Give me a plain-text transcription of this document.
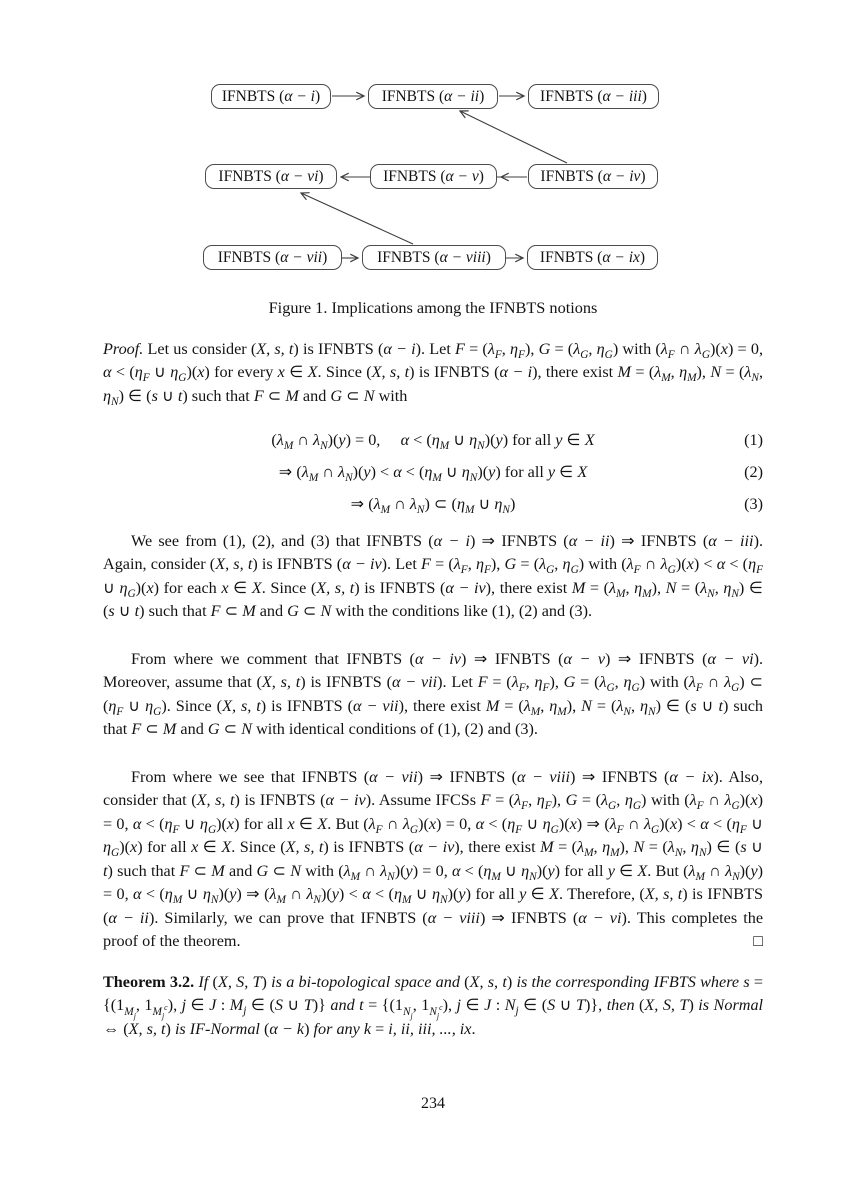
IFNBTS ( α − i )	IFNBTS ( α − ii )	IFNBTS ( α − iii )
IFNBTS ( α − vi )	IFNBTS ( α − v )	IFNBTS ( α − iv )
IFNBTS ( α − vii )	IFNBTS ( α − viii )	IFNBTS ( α − ix )
Figure 1. Implications among the IFNBTS notions
Proof. Let us consider (X, s, t) is IFNBTS (α − i). Let $F = (\lambda_F$, $\eta_F$), $G = (\lambda_G$, $\eta_G$) with ($\lambda_F$ ∩ $\lambda_G)(x) = 0$, $\alpha < (\eta_F$ ∪ $\eta_G)(x)$ for every x ∈ X. Since (X, s, t) is IFNBTS (α − i), there exist $M = (\lambda_M$, $\eta_M$), $N = (\lambda_N$, $\eta_N$) ∈ (s ∪ t) such that F ⊂ M and G ⊂ N with
($\lambda_M$ ∩ $\lambda_N)(y) = 0$,  $\alpha < (\eta_M$ ∪ $\eta_N)(y)$ for all y ∈ X	(1)
⇒ ($\lambda_M$ ∩ $\lambda_N)(y) < \alpha < (\eta_M$ ∪ $\eta_N)(y)$ for all y ∈ X	(2)
⇒ ($\lambda_M$ ∩ $\lambda_N$) ⊂ ($\eta_M$ ∪ $\eta_N$)	(3)
We see from (1), (2), and (3) that IFNBTS (α − i) ⇒ IFNBTS (α − ii) ⇒ IFNBTS (α − iii). Again, consider (X, s, t) is IFNBTS (α − iv). Let $F = (\lambda_F$, $\eta_F$), $G = (\lambda_G$, $\eta_G$) with ($\lambda_F$ ∩ $\lambda_G)(x) < \alpha < (\eta_F$ ∪ $\eta_G)(x)$ for each x ∈ X. Since (X, s, t) is IFNBTS (α − iv), there exist $M = (\lambda_M$, $\eta_M$), $N = (\lambda_N$, $\eta_N$) ∈ (s ∪ t) such that F ⊂ M and G ⊂ N with the conditions like (1), (2) and (3).
From where we comment that IFNBTS (α − iv) ⇒ IFNBTS (α − v) ⇒ IFNBTS (α − vi). Moreover, assume that (X, s, t) is IFNBTS (α − vii). Let $F = (\lambda_F$, $\eta_F$), $G = (\lambda_G$, $\eta_G$) with ($\lambda_F$ ∩ $\lambda_G$) ⊂ ($\eta_F$ ∪ $\eta_G$). Since (X, s, t) is IFNBTS (α − vii), there exist $M = (\lambda_M$, $\eta_M$), $N = (\lambda_N$, $\eta_N$) ∈ (s ∪ t) such that F ⊂ M and G ⊂ N with identical conditions of (1), (2) and (3).
From where we see that IFNBTS (α − vii) ⇒ IFNBTS (α − viii) ⇒ IFNBTS (α − ix). Also, consider that (X, s, t) is IFNBTS (α − iv). Assume IFCSs $F = (\lambda_F$, $\eta_F$), $G = (\lambda_G$, $\eta_G$) with ($\lambda_F$ ∩ $\lambda_G)(x) = 0$, $\alpha < (\eta_F$ ∪ $\eta_G)(x)$ for all x ∈ X. But ($\lambda_F$ ∩ $\lambda_G)(x) = 0$, $\alpha < (\eta_F$ ∪ $\eta_G)(x)$ ⇒ ($\lambda_F$ ∩ $\lambda_G)(x) < \alpha < (\eta_F$ ∪ $\eta_G)(x)$ for all x ∈ X. Since (X, s, t) is IFNBTS (α − iv), there exist $M = (\lambda_M$, $\eta_M$), $N = (\lambda_N$, $\eta_N$) ∈ (s ∪ t) such that F ⊂ M and G ⊂ N with ($\lambda_M$ ∩ $\lambda_N)(y) = 0$, $\alpha < (\eta_M$ ∪ $\eta_N)(y)$ for all y ∈ X. But ($\lambda_M$ ∩ $\lambda_N)(y) = 0$, $\alpha < (\eta_M$ ∪ $\eta_N)(y)$ ⇒ ($\lambda_M$ ∩ $\lambda_N)(y) < \alpha < (\eta_M$ ∪ $\eta_N)(y)$ for all y ∈ X. Therefore, (X, s, t) is IFNBTS (α − ii). Similarly, we can prove that IFNBTS (α − viii) ⇒ IFNBTS (α − vi). This completes the proof of the theorem.	□
Theorem 3.2. If (X, S, T) is a bi-topological space and (X, s, t) is the corresponding IFBTS where $s = \{(1_{M_j}$, $1_{M_j^c}$), j ∈ J : $M_j$ ∈ (S ∪ T)} and $t = \{(1_{N_j}$, $1_{N_j^c}$), j ∈ J : $N_j$ ∈ (S ∪ T)}, then (X, S, T) is Normal ⇔ (X, s, t) is IF-Normal (α − k) for any k = i, ii, iii, ..., ix.
234
